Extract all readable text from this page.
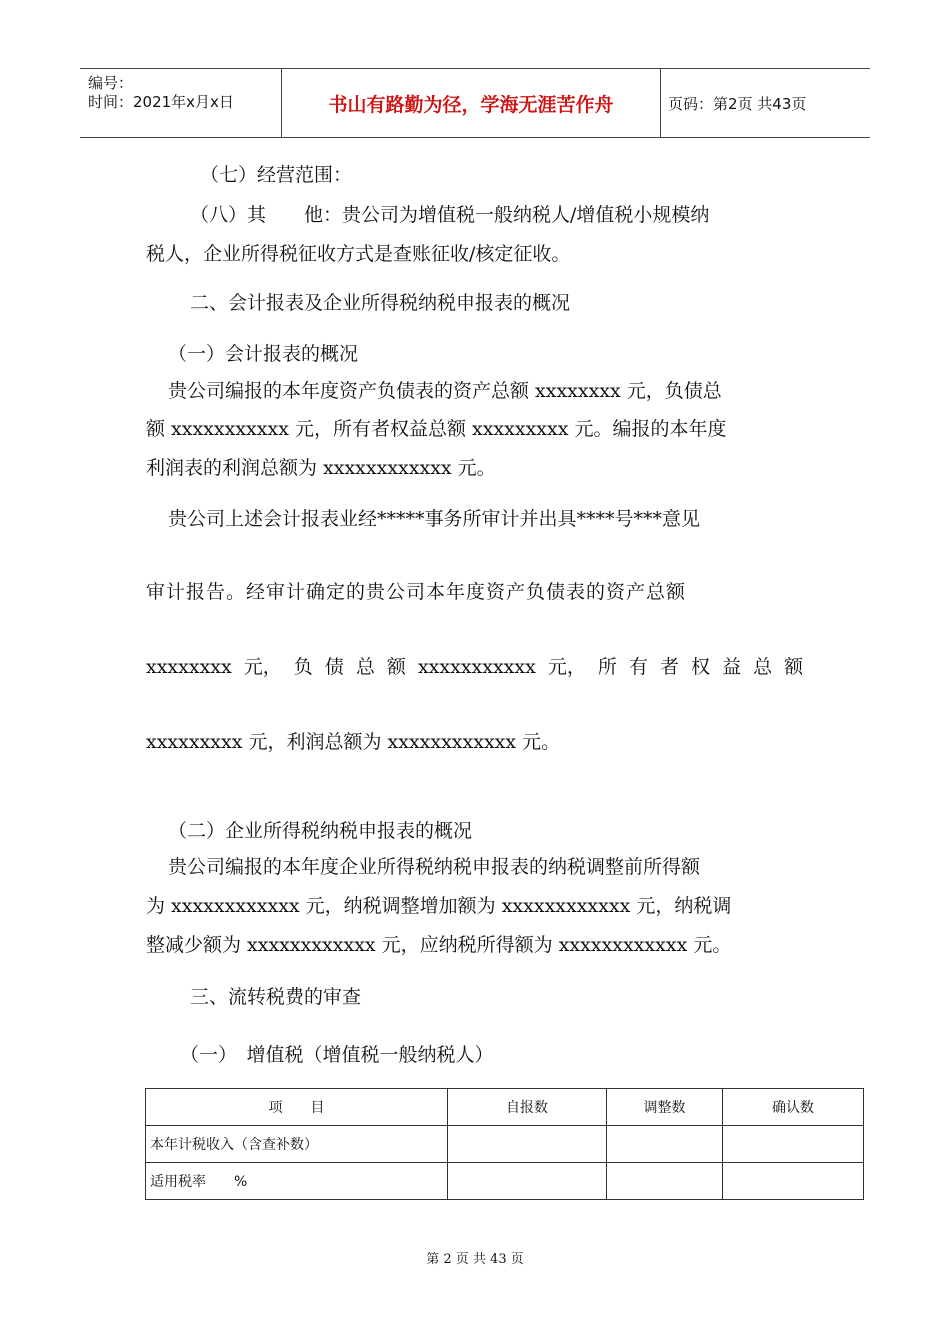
编号：
时间：2021年x月x日	书山有路勤为径，学海无涯苦作舟	页码：第2页 共43页
（七）经营范围：
（八）其　　他：贵公司为增值税一般纳税人/增值税小规模纳
税人，企业所得税征收方式是查账征收/核定征收。
二、会计报表及企业所得税纳税申报表的概况
（一）会计报表的概况
贵公司编报的本年度资产负债表的资产总额 xxxxxxxx 元，负债总
额 xxxxxxxxxxx 元，所有者权益总额 xxxxxxxxx 元。编报的本年度
利润表的利润总额为 xxxxxxxxxxxx 元。
贵公司上述会计报表业经*****事务所审计并出具****号***意见
审计报告。经审计确定的贵公司本年度资产负债表的资产总额
xxxxxxxx 元， 负 债 总 额 xxxxxxxxxxx 元， 所 有 者 权 益 总 额
xxxxxxxxx 元，利润总额为 xxxxxxxxxxxx 元。
（二）企业所得税纳税申报表的概况
贵公司编报的本年度企业所得税纳税申报表的纳税调整前所得额
为 xxxxxxxxxxxx 元，纳税调整增加额为 xxxxxxxxxxxx 元，纳税调
整减少额为 xxxxxxxxxxxx 元，应纳税所得额为 xxxxxxxxxxxx 元。
三、流转税费的审查
（一）　增值税（增值税一般纳税人）
项　　目	自报数	调整数	确认数
本年计税收入（含查补数）			
适用税率　　%			
第 2 页 共 43 页
